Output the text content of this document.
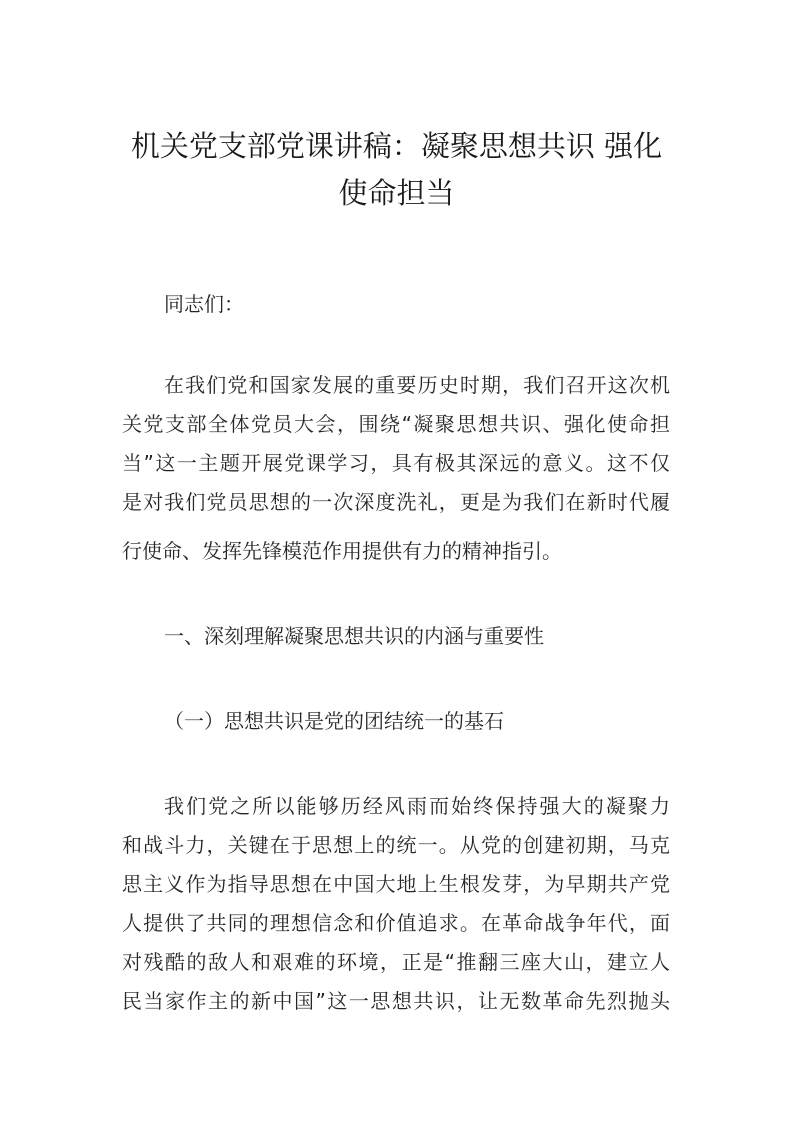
机关党支部党课讲稿：凝聚思想共识 强化
使命担当
同志们：
在我们党和国家发展的重要历史时期，我们召开这次机
关党支部全体党员大会，围绕“凝聚思想共识、强化使命担
当”这一主题开展党课学习，具有极其深远的意义。这不仅
是对我们党员思想的一次深度洗礼，更是为我们在新时代履
行使命、发挥先锋模范作用提供有力的精神指引。
一、深刻理解凝聚思想共识的内涵与重要性
（一）思想共识是党的团结统一的基石
我们党之所以能够历经风雨而始终保持强大的凝聚力
和战斗力，关键在于思想上的统一。从党的创建初期，马克
思主义作为指导思想在中国大地上生根发芽，为早期共产党
人提供了共同的理想信念和价值追求。在革命战争年代，面
对残酷的敌人和艰难的环境，正是“推翻三座大山，建立人
民当家作主的新中国”这一思想共识，让无数革命先烈抛头
